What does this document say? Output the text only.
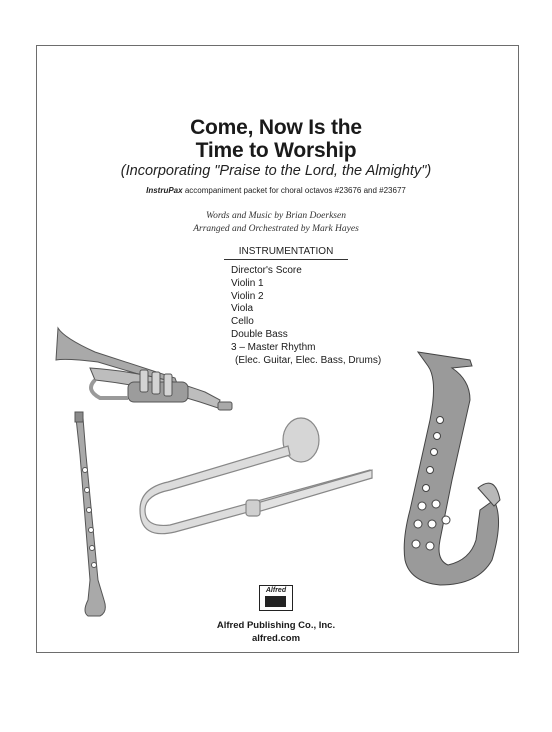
Come, Now Is the
Time to Worship
(Incorporating "Praise to the Lord, the Almighty")
InstruPax accompaniment packet for choral octavos #23676 and #23677
Words and Music by Brian Doerksen
Arranged and Orchestrated by Mark Hayes
INSTRUMENTATION
Director's Score
Violin 1
Violin 2
Viola
Cello
Double Bass
3 – Master Rhythm
(Elec. Guitar, Elec. Bass, Drums)
Alfred
Alfred Publishing Co., Inc.
alfred.com
